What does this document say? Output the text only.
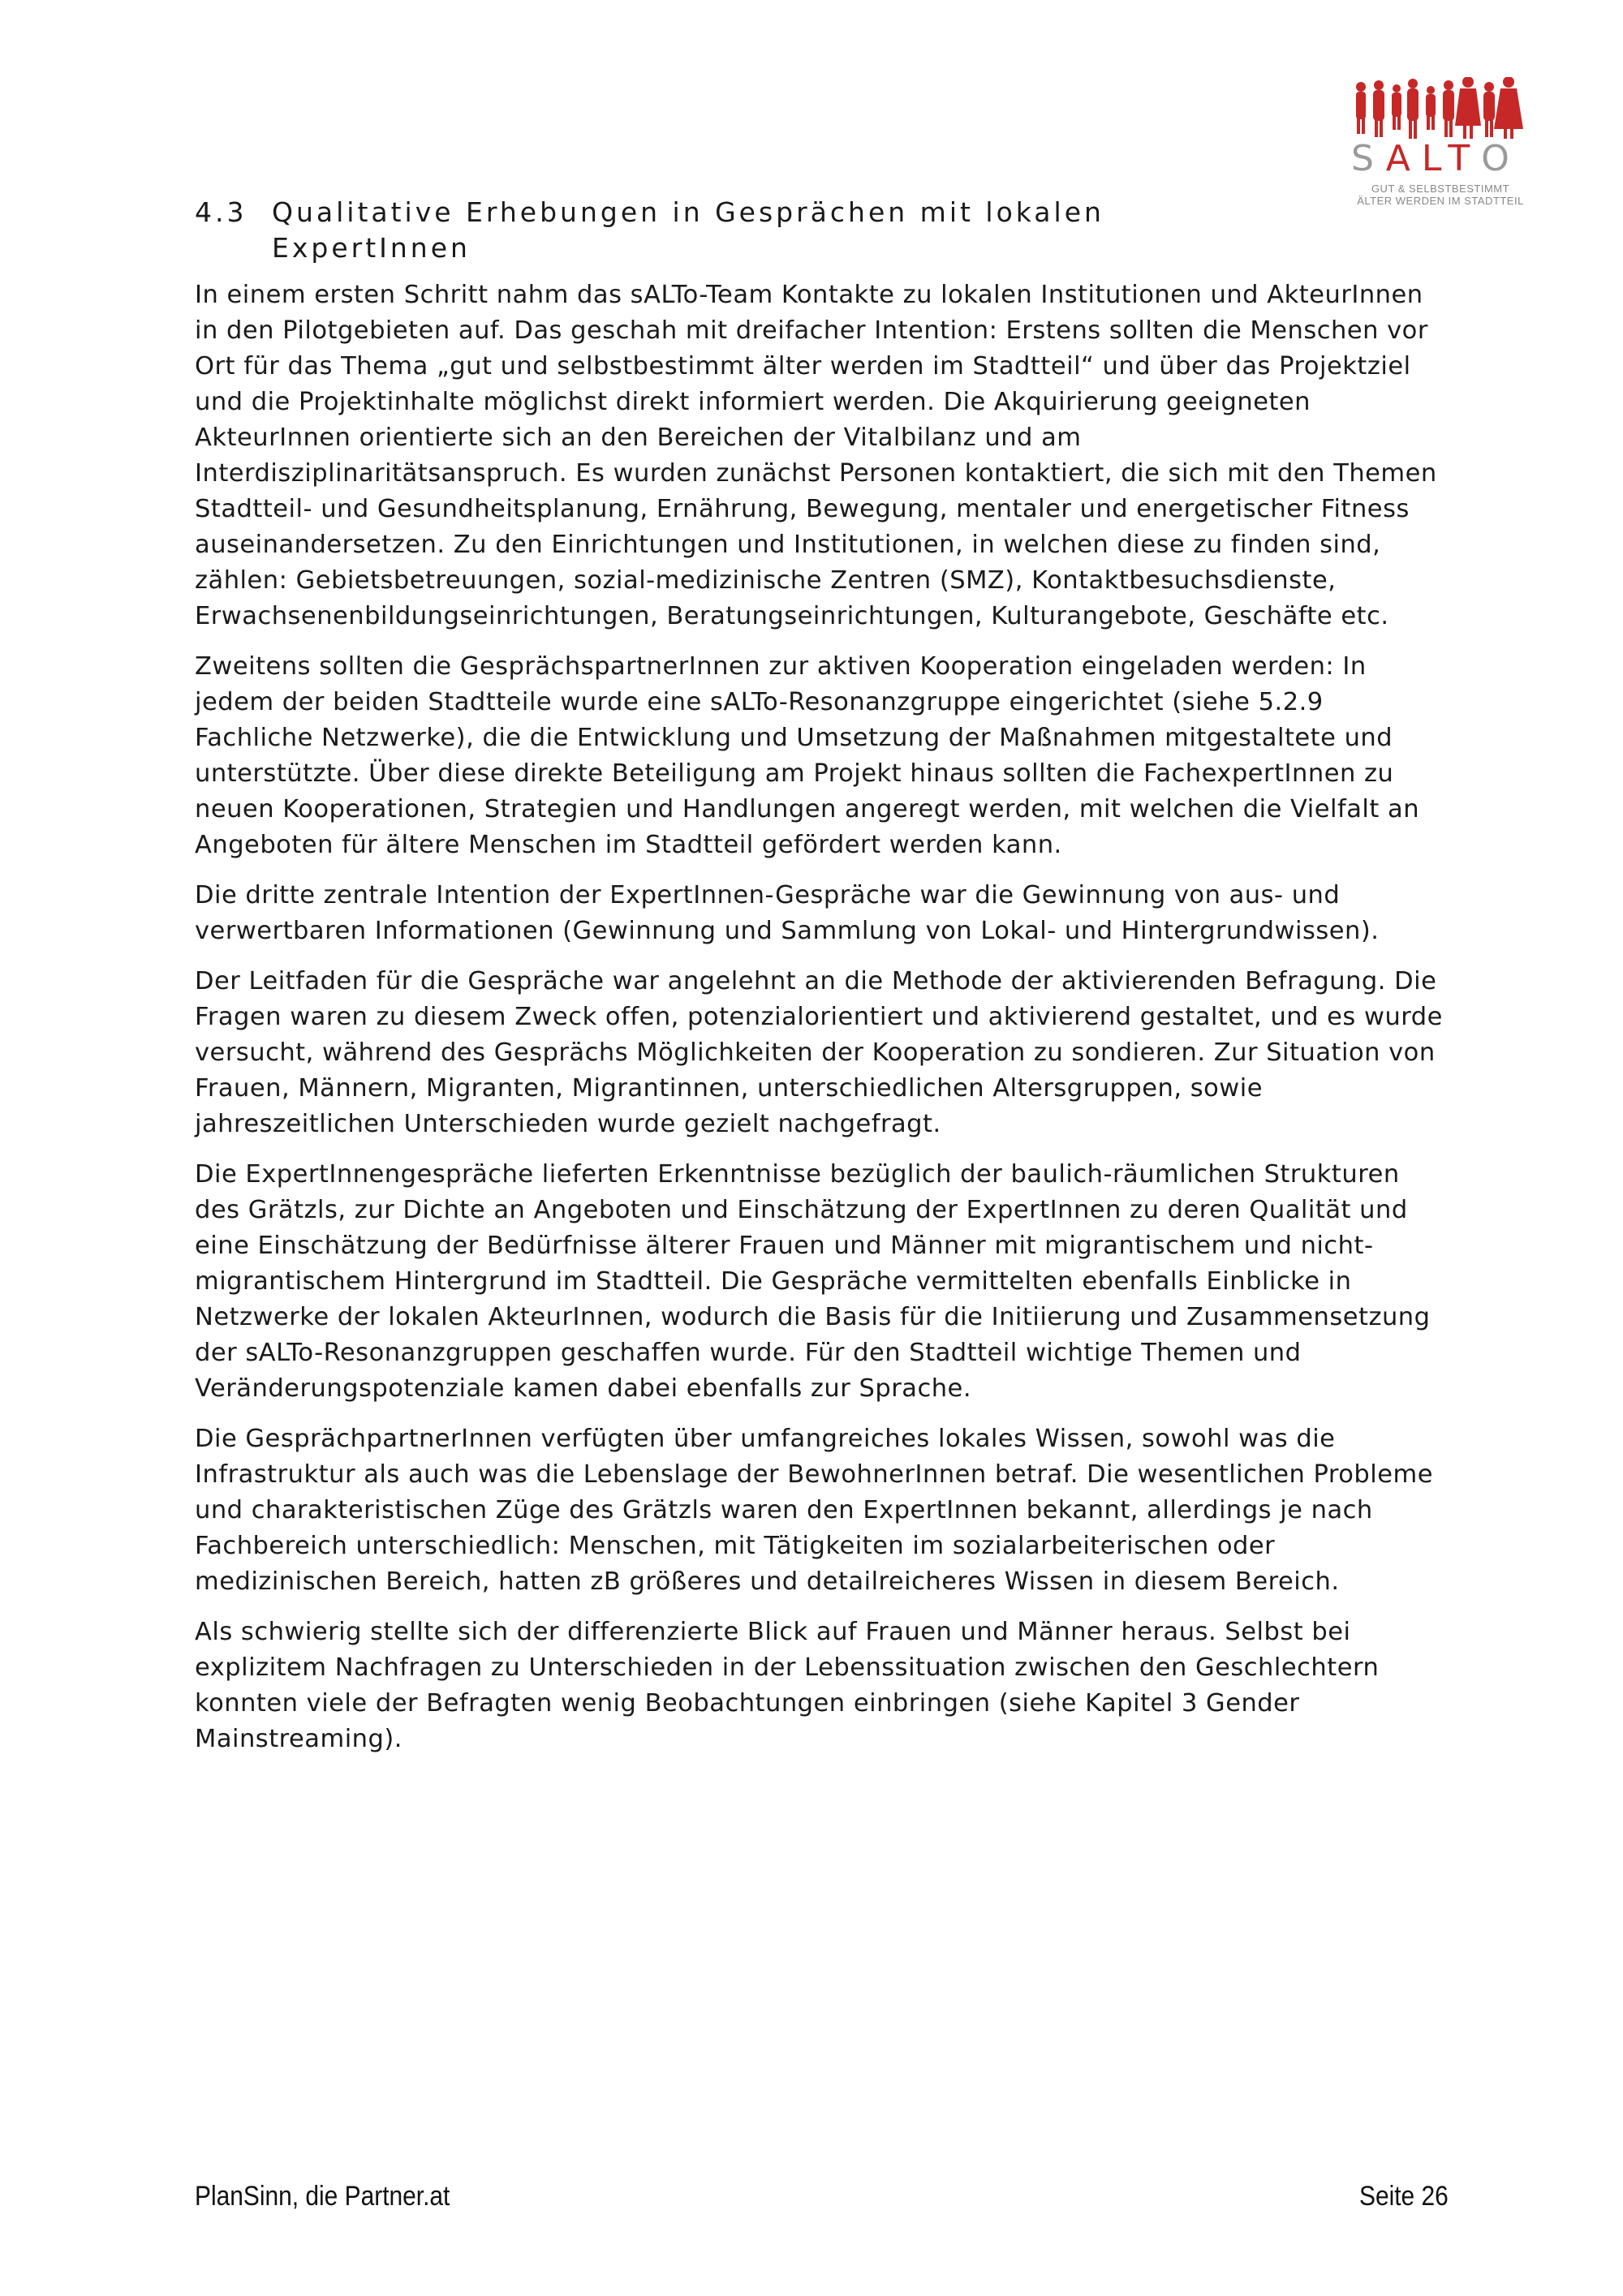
SALTO
GUT & SELBSTBESTIMMT
ÄLTER WERDEN IM STADTTEIL
4.3 Qualitative Erhebungen in Gesprächen mit lokalen
ExpertInnen

In einem ersten Schritt nahm das sALTo-Team Kontakte zu lokalen Institutionen und AkteurInnen in den Pilotgebieten auf. Das geschah mit dreifacher Intention: Erstens sollten die Menschen vor Ort für das Thema „gut und selbstbestimmt älter werden im Stadtteil“ und über das Projektziel und die Projektinhalte möglichst direkt informiert werden. Die Akquirierung geeigneten AkteurInnen orientierte sich an den Bereichen der Vitalbilanz und am Interdisziplinaritätsanspruch. Es wurden zunächst Personen kontaktiert, die sich mit den Themen Stadtteil- und Gesundheitsplanung, Ernährung, Bewegung, mentaler und energetischer Fitness auseinandersetzen. Zu den Einrichtungen und Institutionen, in welchen diese zu finden sind, zählen: Gebietsbetreuungen, sozial-medizinische Zentren (SMZ), Kontaktbesuchsdienste, Erwachsenenbildungseinrichtungen, Beratungseinrichtungen, Kulturangebote, Geschäfte etc.

Zweitens sollten die GesprächspartnerInnen zur aktiven Kooperation eingeladen werden: In jedem der beiden Stadtteile wurde eine sALTo-Resonanzgruppe eingerichtet (siehe 5.2.9 Fachliche Netzwerke), die die Entwicklung und Umsetzung der Maßnahmen mitgestaltete und unterstützte. Über diese direkte Beteiligung am Projekt hinaus sollten die FachexpertInnen zu neuen Kooperationen, Strategien und Handlungen angeregt werden, mit welchen die Vielfalt an Angeboten für ältere Menschen im Stadtteil gefördert werden kann.

Die dritte zentrale Intention der ExpertInnen-Gespräche war die Gewinnung von aus- und verwertbaren Informationen (Gewinnung und Sammlung von Lokal- und Hintergrundwissen).

Der Leitfaden für die Gespräche war angelehnt an die Methode der aktivierenden Befragung. Die Fragen waren zu diesem Zweck offen, potenzialorientiert und aktivierend gestaltet, und es wurde versucht, während des Gesprächs Möglichkeiten der Kooperation zu sondieren. Zur Situation von Frauen, Männern, Migranten, Migrantinnen, unterschiedlichen Altersgruppen, sowie jahreszeitlichen Unterschieden wurde gezielt nachgefragt.

Die ExpertInnengespräche lieferten Erkenntnisse bezüglich der baulich-räumlichen Strukturen des Grätzls, zur Dichte an Angeboten und Einschätzung der ExpertInnen zu deren Qualität und eine Einschätzung der Bedürfnisse älterer Frauen und Männer mit migrantischem und nicht-migrantischem Hintergrund im Stadtteil. Die Gespräche vermittelten ebenfalls Einblicke in Netzwerke der lokalen AkteurInnen, wodurch die Basis für die Initiierung und Zusammensetzung der sALTo-Resonanzgruppen geschaffen wurde. Für den Stadtteil wichtige Themen und Veränderungspotenziale kamen dabei ebenfalls zur Sprache.

Die GesprächpartnerInnen verfügten über umfangreiches lokales Wissen, sowohl was die Infrastruktur als auch was die Lebenslage der BewohnerInnen betraf. Die wesentlichen Probleme und charakteristischen Züge des Grätzls waren den ExpertInnen bekannt, allerdings je nach Fachbereich unterschiedlich: Menschen, mit Tätigkeiten im sozialarbeiterischen oder medizinischen Bereich, hatten zB größeres und detailreicheres Wissen in diesem Bereich.

Als schwierig stellte sich der differenzierte Blick auf Frauen und Männer heraus. Selbst bei explizitem Nachfragen zu Unterschieden in der Lebenssituation zwischen den Geschlechtern konnten viele der Befragten wenig Beobachtungen einbringen (siehe Kapitel 3 Gender Mainstreaming).

PlanSinn, die Partner.at	Seite 26
